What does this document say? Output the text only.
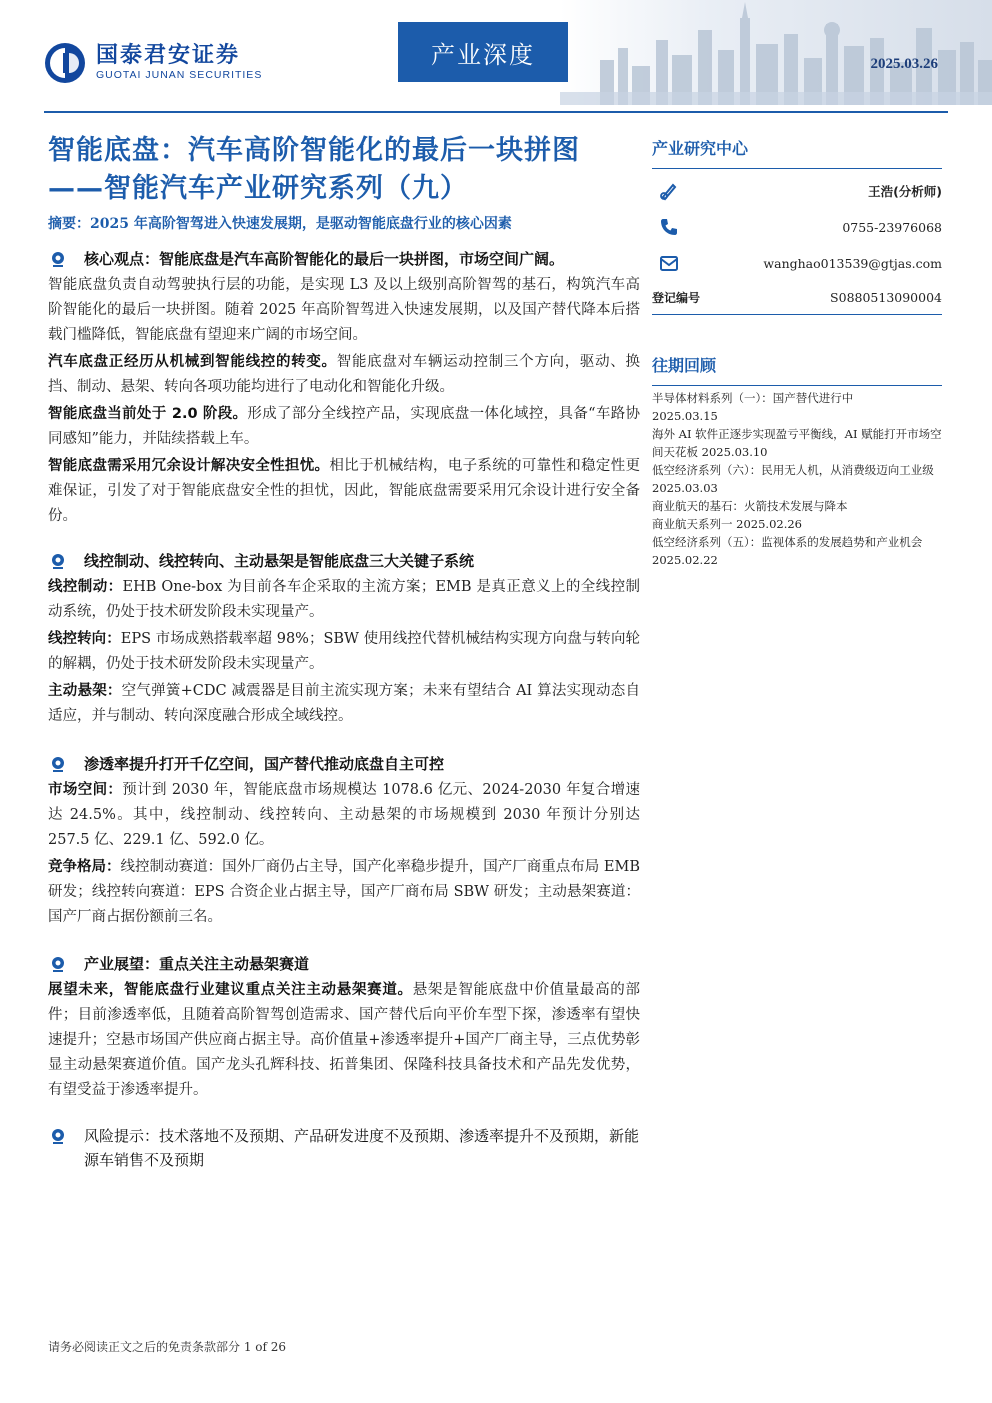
国泰君安证券
GUOTAI JUNAN SECURITIES
产业深度	2025.03.26
智能底盘：汽车高阶智能化的最后一块拼图
——智能汽车产业研究系列（九）
摘要：2025 年高阶智驾进入快速发展期，是驱动智能底盘行业的核心因素
核心观点：智能底盘是汽车高阶智能化的最后一块拼图，市场空间广阔。

智能底盘负责自动驾驶执行层的功能，是实现 L3 及以上级别高阶智驾的基石，构筑汽车高阶智能化的最后一块拼图。随着 2025 年高阶智驾进入快速发展期，以及国产替代降本后搭载门槛降低，智能底盘有望迎来广阔的市场空间。

汽车底盘正经历从机械到智能线控的转变。智能底盘对车辆运动控制三个方向，驱动、换挡、制动、悬架、转向各项功能均进行了电动化和智能化升级。

智能底盘当前处于 2.0 阶段。形成了部分全线控产品，实现底盘一体化域控，具备“车路协同感知”能力，并陆续搭载上车。

智能底盘需采用冗余设计解决安全性担忧。相比于机械结构，电子系统的可靠性和稳定性更难保证，引发了对于智能底盘安全性的担忧，因此，智能底盘需要采用冗余设计进行安全备份。

线控制动、线控转向、主动悬架是智能底盘三大关键子系统

线控制动：EHB One-box 为目前各车企采取的主流方案；EMB 是真正意义上的全线控制动系统，仍处于技术研发阶段未实现量产。

线控转向：EPS 市场成熟搭载率超 98%；SBW 使用线控代替机械结构实现方向盘与转向轮的解耦，仍处于技术研发阶段未实现量产。

主动悬架：空气弹簧+CDC 减震器是目前主流实现方案；未来有望结合 AI 算法实现动态自适应，并与制动、转向深度融合形成全域线控。

渗透率提升打开千亿空间，国产替代推动底盘自主可控

市场空间：预计到 2030 年，智能底盘市场规模达 1078.6 亿元、2024-2030 年复合增速达 24.5%。其中，线控制动、线控转向、主动悬架的市场规模到 2030 年预计分别达 257.5 亿、229.1 亿、592.0 亿。

竞争格局：线控制动赛道：国外厂商仍占主导，国产化率稳步提升，国产厂商重点布局 EMB 研发；线控转向赛道：EPS 合资企业占据主导，国产厂商布局 SBW 研发；主动悬架赛道：国产厂商占据份额前三名。

产业展望：重点关注主动悬架赛道

展望未来，智能底盘行业建议重点关注主动悬架赛道。悬架是智能底盘中价值量最高的部件；目前渗透率低，且随着高阶智驾创造需求、国产替代后向平价车型下探，渗透率有望快速提升；空悬市场国产供应商占据主导。高价值量+渗透率提升+国产厂商主导，三点优势彰显主动悬架赛道价值。国产龙头孔辉科技、拓普集团、保隆科技具备技术和产品先发优势，有望受益于渗透率提升。

风险提示：技术落地不及预期、产品研发进度不及预期、渗透率提升不及预期，新能源车销售不及预期
产业研究中心
王浩(分析师)
0755-23976068
wanghao013539@gtjas.com
登记编号	S0880513090004
往期回顾
半导体材料系列（一）：国产替代进行中
2025.03.15
海外 AI 软件正逐步实现盈亏平衡线，AI 赋能打开市场空间天花板 2025.03.10
低空经济系列（六）：民用无人机，从消费级迈向工业级 2025.03.03
商业航天的基石：火箭技术发展与降本
商业航天系列一 2025.02.26
低空经济系列（五）：监视体系的发展趋势和产业机会 2025.02.22
请务必阅读正文之后的免责条款部分 1 of 26
